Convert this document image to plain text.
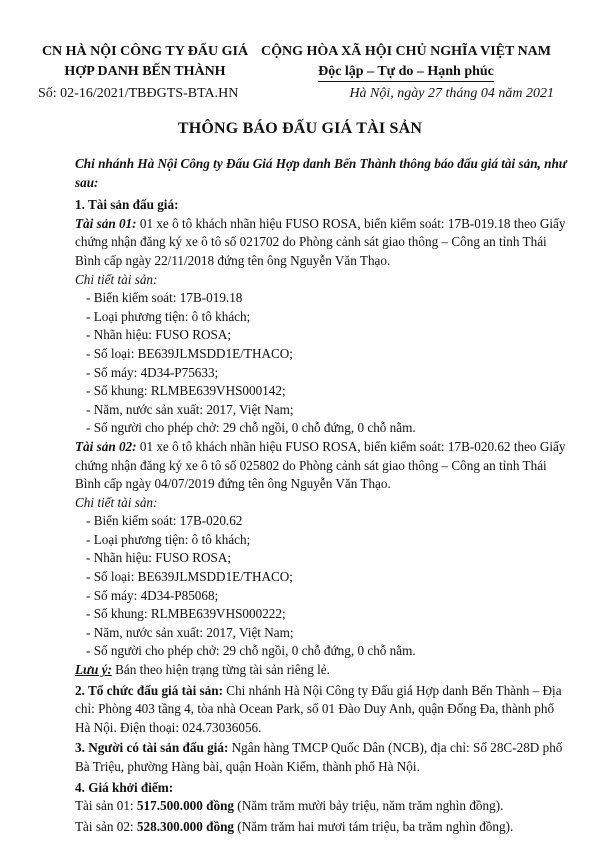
CN HÀ NỘI CÔNG TY ĐẤU GIÁ
HỢP DANH BẾN THÀNH
Số: 02-16/2021/TBĐGTS-BTA.HN
CỘNG HÒA XÃ HỘI CHỦ NGHĨA VIỆT NAM
Độc lập – Tự do – Hạnh phúc
Hà Nội, ngày 27 tháng 04 năm 2021
THÔNG BÁO ĐẤU GIÁ TÀI SẢN
Chi nhánh Hà Nội Công ty Đấu Giá Hợp danh Bến Thành thông báo đấu giá tài sản, như sau:
1. Tài sản đấu giá:
Tài sản 01: 01 xe ô tô khách nhãn hiệu FUSO ROSA, biển kiểm soát: 17B-019.18 theo Giấy chứng nhận đăng ký xe ô tô số 021702 do Phòng cảnh sát giao thông – Công an tỉnh Thái Bình cấp ngày 22/11/2018 đứng tên ông Nguyễn Văn Thạo.
Chi tiết tài sản:
- Biển kiểm soát: 17B-019.18
- Loại phương tiện: ô tô khách;
- Nhãn hiệu: FUSO ROSA;
- Số loại: BE639JLMSDD1E/THACO;
- Số máy: 4D34-P75633;
- Số khung: RLMBE639VHS000142;
- Năm, nước sản xuất: 2017, Việt Nam;
- Số người cho phép chở: 29 chỗ ngồi, 0 chỗ đứng, 0 chỗ nằm.
Tài sản 02: 01 xe ô tô khách nhãn hiệu FUSO ROSA, biển kiểm soát: 17B-020.62 theo Giấy chứng nhận đăng ký xe ô tô số 025802 do Phòng cảnh sát giao thông – Công an tỉnh Thái Bình cấp ngày 04/07/2019 đứng tên ông Nguyễn Văn Thạo.
Chi tiết tài sản:
- Biển kiểm soát: 17B-020.62
- Loại phương tiện: ô tô khách;
- Nhãn hiệu: FUSO ROSA;
- Số loại: BE639JLMSDD1E/THACO;
- Số máy: 4D34-P85068;
- Số khung: RLMBE639VHS000222;
- Năm, nước sản xuất: 2017, Việt Nam;
- Số người cho phép chở: 29 chỗ ngồi, 0 chỗ đứng, 0 chỗ nằm.
Lưu ý: Bán theo hiện trạng từng tài sản riêng lẻ.
2. Tổ chức đấu giá tài sản: Chi nhánh Hà Nội Công ty Đấu giá Hợp danh Bến Thành – Địa chỉ: Phòng 403 tầng 4, tòa nhà Ocean Park, số 01 Đào Duy Anh, quận Đống Đa, thành phố Hà Nội. Điện thoại: 024.73036056.
3. Người có tài sản đấu giá: Ngân hàng TMCP Quốc Dân (NCB), địa chỉ: Số 28C-28D phố Bà Triệu, phường Hàng bài, quận Hoàn Kiếm, thành phố Hà Nội.
4. Giá khởi điểm:
Tài sản 01: 517.500.000 đồng (Năm trăm mười bảy triệu, năm trăm nghìn đồng).
Tài sản 02: 528.300.000 đồng (Năm trăm hai mươi tám triệu, ba trăm nghìn đồng).
